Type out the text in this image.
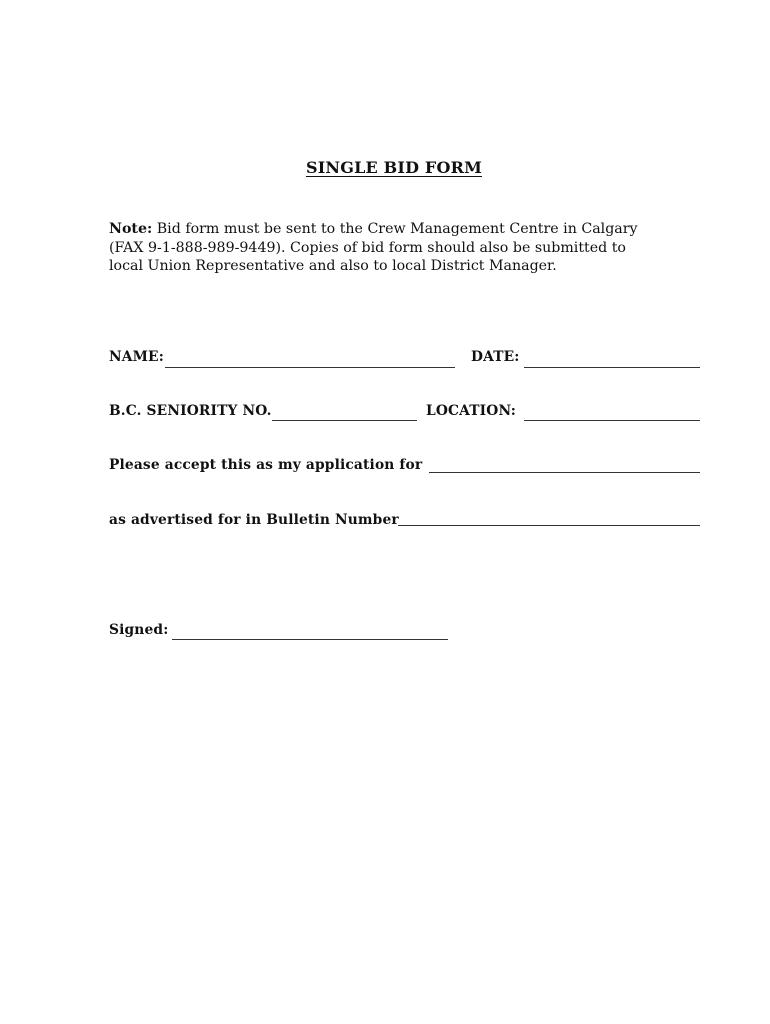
SINGLE BID FORM
Note: Bid form must be sent to the Crew Management Centre in Calgary
(FAX 9-1-888-989-9449). Copies of bid form should also be submitted to
local Union Representative and also to local District Manager.
NAME:	DATE:
B.C. SENIORITY NO.	LOCATION:
Please accept this as my application for
as advertised for in Bulletin Number
Signed:
